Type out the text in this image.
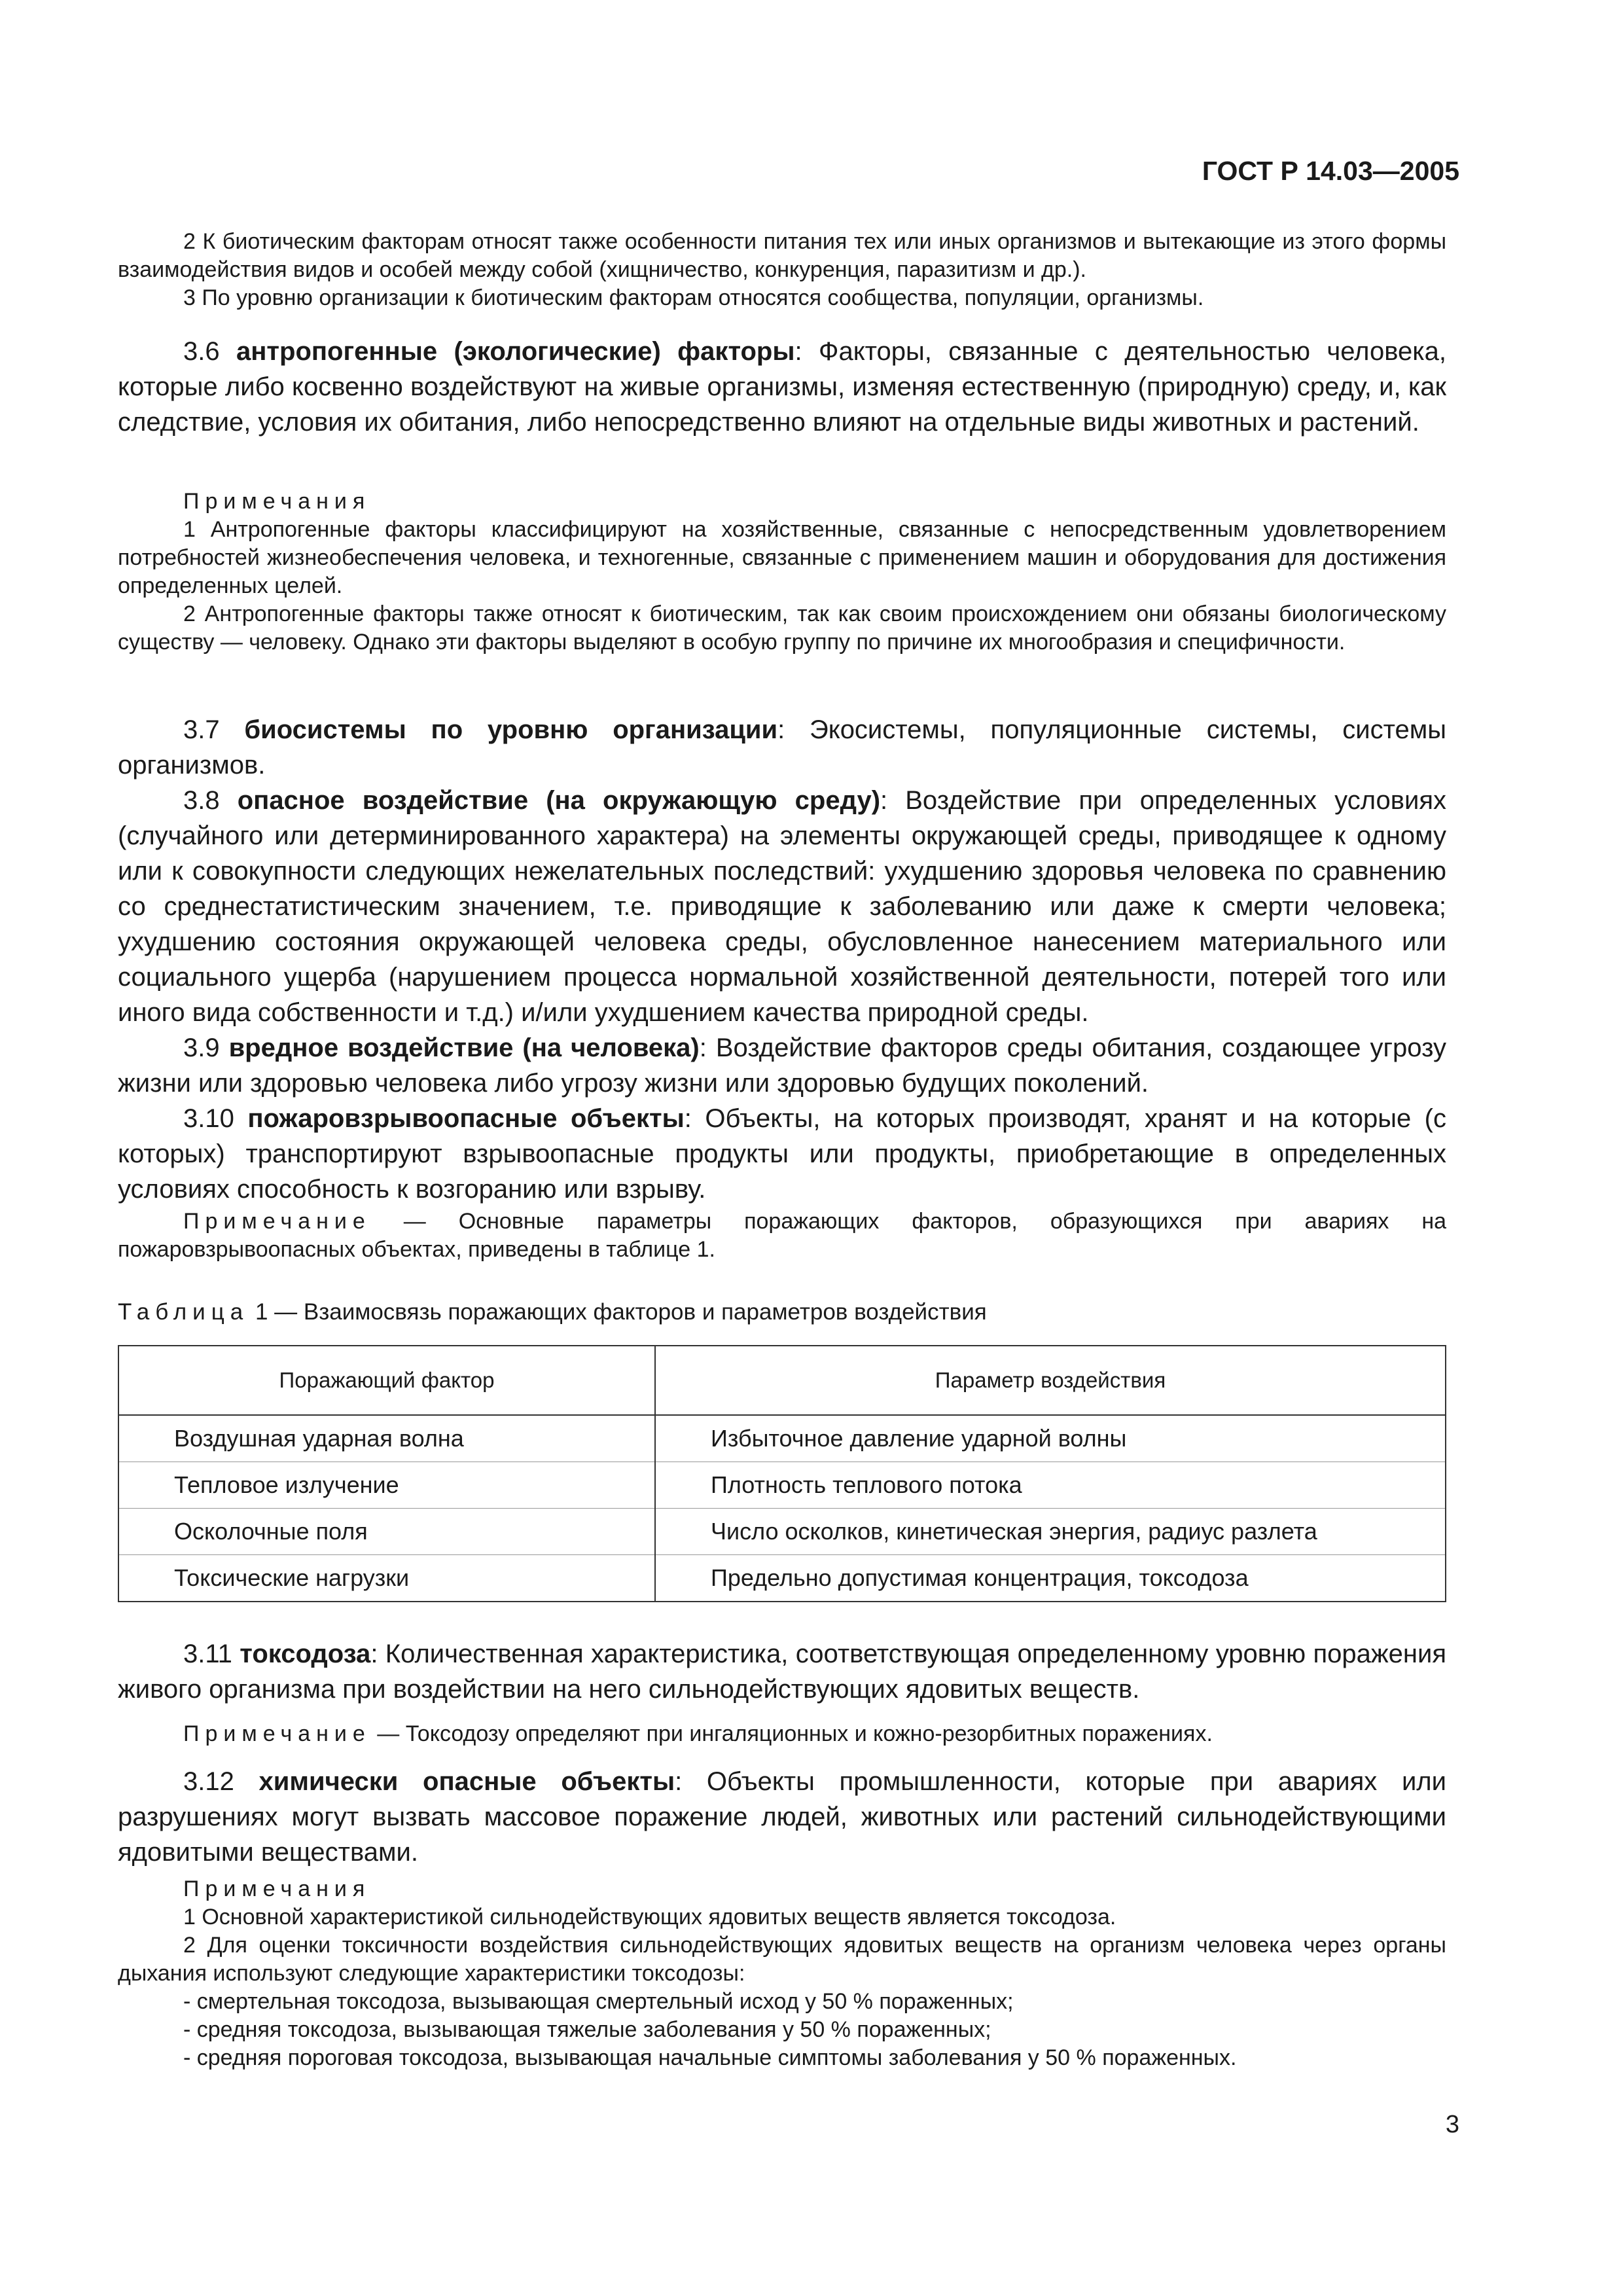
ГОСТ Р 14.03—2005
2 К биотическим факторам относят также особенности питания тех или иных организмов и вытекающие из этого формы взаимодействия видов и особей между собой (хищничество, конкуренция, паразитизм и др.).
3 По уровню организации к биотическим факторам относятся сообщества, популяции, организмы.
3.6 антропогенные (экологические) факторы: Факторы, связанные с деятельностью человека, которые либо косвенно воздействуют на живые организмы, изменяя естественную (природную) среду, и, как следствие, условия их обитания, либо непосредственно влияют на отдельные виды животных и растений.
Примечания
1 Антропогенные факторы классифицируют на хозяйственные, связанные с непосредственным удовлетворением потребностей жизнеобеспечения человека, и техногенные, связанные с применением машин и оборудования для достижения определенных целей.
2 Антропогенные факторы также относят к биотическим, так как своим происхождением они обязаны биологическому существу — человеку. Однако эти факторы выделяют в особую группу по причине их многообразия и специфичности.
3.7 биосистемы по уровню организации: Экосистемы, популяционные системы, системы организмов.
3.8 опасное воздействие (на окружающую среду): Воздействие при определенных условиях (случайного или детерминированного характера) на элементы окружающей среды, приводящее к одному или к совокупности следующих нежелательных последствий: ухудшению здоровья человека по сравнению со среднестатистическим значением, т.е. приводящие к заболеванию или даже к смерти человека; ухудшению состояния окружающей человека среды, обусловленное нанесением материального или социального ущерба (нарушением процесса нормальной хозяйственной деятельности, потерей того или иного вида собственности и т.д.) и/или ухудшением качества природной среды.
3.9 вредное воздействие (на человека): Воздействие факторов среды обитания, создающее угрозу жизни или здоровью человека либо угрозу жизни или здоровью будущих поколений.
3.10 пожаровзрывоопасные объекты: Объекты, на которых производят, хранят и на которые (с которых) транспортируют взрывоопасные продукты или продукты, приобретающие в определенных условиях способность к возгоранию или взрыву.
Примечание — Основные параметры поражающих факторов, образующихся при авариях на пожаровзрывоопасных объектах, приведены в таблице 1.
Таблица 1 — Взаимосвязь поражающих факторов и параметров воздействия
Поражающий фактор	Параметр воздействия
Воздушная ударная волна	Избыточное давление ударной волны
Тепловое излучение	Плотность теплового потока
Осколочные поля	Число осколков, кинетическая энергия, радиус разлета
Токсические нагрузки	Предельно допустимая концентрация, токсодоза
3.11 токсодоза: Количественная характеристика, соответствующая определенному уровню поражения живого организма при воздействии на него сильнодействующих ядовитых веществ.
Примечание — Токсодозу определяют при ингаляционных и кожно-резорбитных поражениях.
3.12 химически опасные объекты: Объекты промышленности, которые при авариях или разрушениях могут вызвать массовое поражение людей, животных или растений сильнодействующими ядовитыми веществами.
Примечания
1 Основной характеристикой сильнодействующих ядовитых веществ является токсодоза.
2 Для оценки токсичности воздействия сильнодействующих ядовитых веществ на организм человека через органы дыхания используют следующие характеристики токсодозы:
- смертельная токсодоза, вызывающая смертельный исход у 50 % пораженных;
- средняя токсодоза, вызывающая тяжелые заболевания у 50 % пораженных;
- средняя пороговая токсодоза, вызывающая начальные симптомы заболевания у 50 % пораженных.
3
